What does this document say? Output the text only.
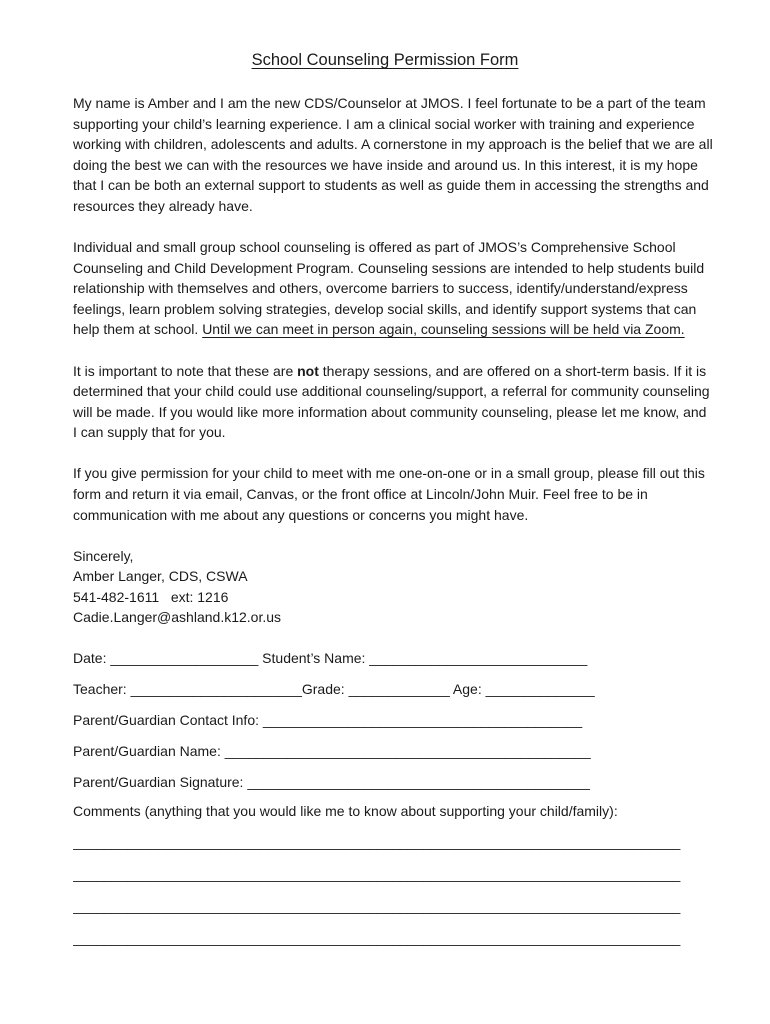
School Counseling Permission Form

My name is Amber and I am the new CDS/Counselor at JMOS. I feel fortunate to be a part of the team supporting your child’s learning experience. I am a clinical social worker with training and experience working with children, adolescents and adults. A cornerstone in my approach is the belief that we are all doing the best we can with the resources we have inside and around us. In this interest, it is my hope that I can be both an external support to students as well as guide them in accessing the strengths and resources they already have.

Individual and small group school counseling is offered as part of JMOS’s Comprehensive School Counseling and Child Development Program. Counseling sessions are intended to help students build relationship with themselves and others, overcome barriers to success, identify/understand/express feelings, learn problem solving strategies, develop social skills, and identify support systems that can help them at school. Until we can meet in person again, counseling sessions will be held via Zoom.

It is important to note that these are not therapy sessions, and are offered on a short-term basis. If it is determined that your child could use additional counseling/support, a referral for community counseling will be made. If you would like more information about community counseling, please let me know, and I can supply that for you.

If you give permission for your child to meet with me one-on-one or in a small group, please fill out this form and return it via email, Canvas, or the front office at Lincoln/John Muir. Feel free to be in communication with me about any questions or concerns you might have.

Sincerely,
Amber Langer, CDS, CSWA
541-482-1611   ext: 1216
Cadie.Langer@ashland.k12.or.us
Date: ___________________ Student’s Name: ____________________________
Teacher: ______________________Grade: _____________ Age: ______________
Parent/Guardian Contact Info: _________________________________________
Parent/Guardian Name: _______________________________________________
Parent/Guardian Signature: ____________________________________________
Comments (anything that you would like me to know about supporting your child/family):
______________________________________________________________________________
______________________________________________________________________________
______________________________________________________________________________
______________________________________________________________________________
